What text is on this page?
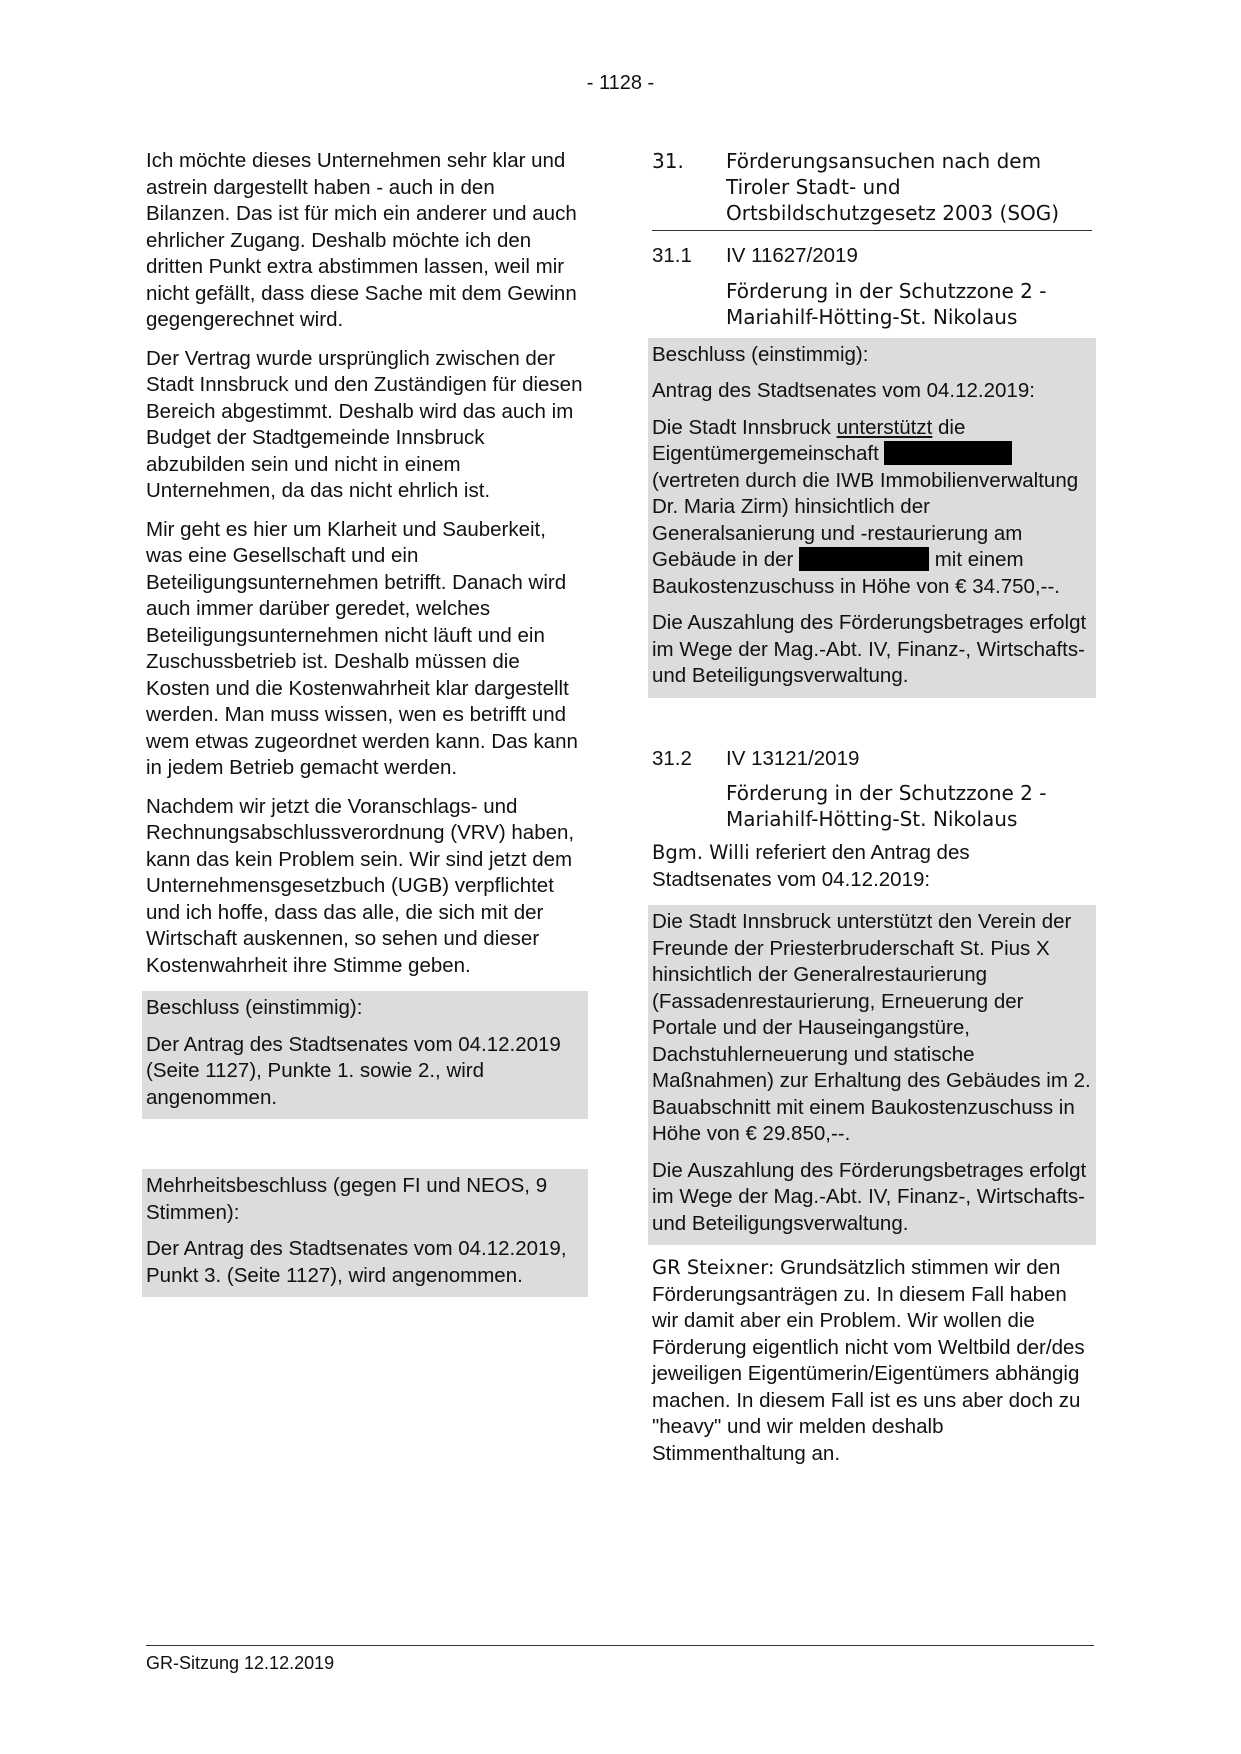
- 1128 -

Ich möchte dieses Unternehmen sehr klar und astrein dargestellt haben - auch in den Bilanzen. Das ist für mich ein anderer und auch ehrlicher Zugang. Deshalb möchte ich den dritten Punkt extra abstimmen lassen, weil mir nicht gefällt, dass diese Sache mit dem Gewinn gegengerechnet wird.

Der Vertrag wurde ursprünglich zwischen der Stadt Innsbruck und den Zuständigen für diesen Bereich abgestimmt. Deshalb wird das auch im Budget der Stadtgemeinde Innsbruck abzubilden sein und nicht in einem Unternehmen, da das nicht ehrlich ist.

Mir geht es hier um Klarheit und Sauberkeit, was eine Gesellschaft und ein Beteiligungsunternehmen betrifft. Danach wird auch immer darüber geredet, welches Beteiligungsunternehmen nicht läuft und ein Zuschussbetrieb ist. Deshalb müssen die Kosten und die Kostenwahrheit klar dargestellt werden. Man muss wissen, wen es betrifft und wem etwas zugeordnet werden kann. Das kann in jedem Betrieb gemacht werden.

Nachdem wir jetzt die Voranschlags- und Rechnungsabschlussverordnung (VRV) haben, kann das kein Problem sein. Wir sind jetzt dem Unternehmensgesetzbuch (UGB) verpflichtet und ich hoffe, dass das alle, die sich mit der Wirtschaft auskennen, so sehen und dieser Kostenwahrheit ihre Stimme geben.

Beschluss (einstimmig):

Der Antrag des Stadtsenates vom 04.12.2019 (Seite 1127), Punkte 1. sowie 2., wird angenommen.

Mehrheitsbeschluss (gegen FI und NEOS, 9 Stimmen):

Der Antrag des Stadtsenates vom 04.12.2019, Punkt 3. (Seite 1127), wird angenommen.

31.	Förderungsansuchen nach dem Tiroler Stadt- und Ortsbildschutzgesetz 2003 (SOG)
31.1	IV 11627/2019
Förderung in der Schutzzone 2 - Mariahilf-Hötting-St. Nikolaus

Beschluss (einstimmig):

Antrag des Stadtsenates vom 04.12.2019:

Die Stadt Innsbruck unterstützt die Eigentümergemeinschaft  (vertreten durch die IWB Immobilienverwaltung Dr. Maria Zirm) hinsichtlich der Generalsanierung und -restaurierung am Gebäude in der	mit einem Baukostenzuschuss in Höhe von € 34.750,--.

Die Auszahlung des Förderungsbetrages erfolgt im Wege der Mag.-Abt. IV, Finanz-, Wirtschafts- und Beteiligungsverwaltung.

31.2	IV 13121/2019
Förderung in der Schutzzone 2 - Mariahilf-Hötting-St. Nikolaus

Bgm. Willi referiert den Antrag des Stadtsenates vom 04.12.2019:

Die Stadt Innsbruck unterstützt den Verein der Freunde der Priesterbruderschaft St. Pius X hinsichtlich der Generalrestaurierung (Fassadenrestaurierung, Erneuerung der Portale und der Hauseingangstüre, Dachstuhlerneuerung und statische Maßnahmen) zur Erhaltung des Gebäudes im 2. Bauabschnitt mit einem Baukostenzuschuss in Höhe von € 29.850,--.

Die Auszahlung des Förderungsbetrages erfolgt im Wege der Mag.-Abt. IV, Finanz-, Wirtschafts- und Beteiligungsverwaltung.

GR Steixner: Grundsätzlich stimmen wir den Förderungsanträgen zu. In diesem Fall haben wir damit aber ein Problem. Wir wollen die Förderung eigentlich nicht vom Weltbild der/des jeweiligen Eigentümerin/Eigentümers abhängig machen. In diesem Fall ist es uns aber doch zu "heavy" und wir melden deshalb Stimmenthaltung an.

GR-Sitzung 12.12.2019
